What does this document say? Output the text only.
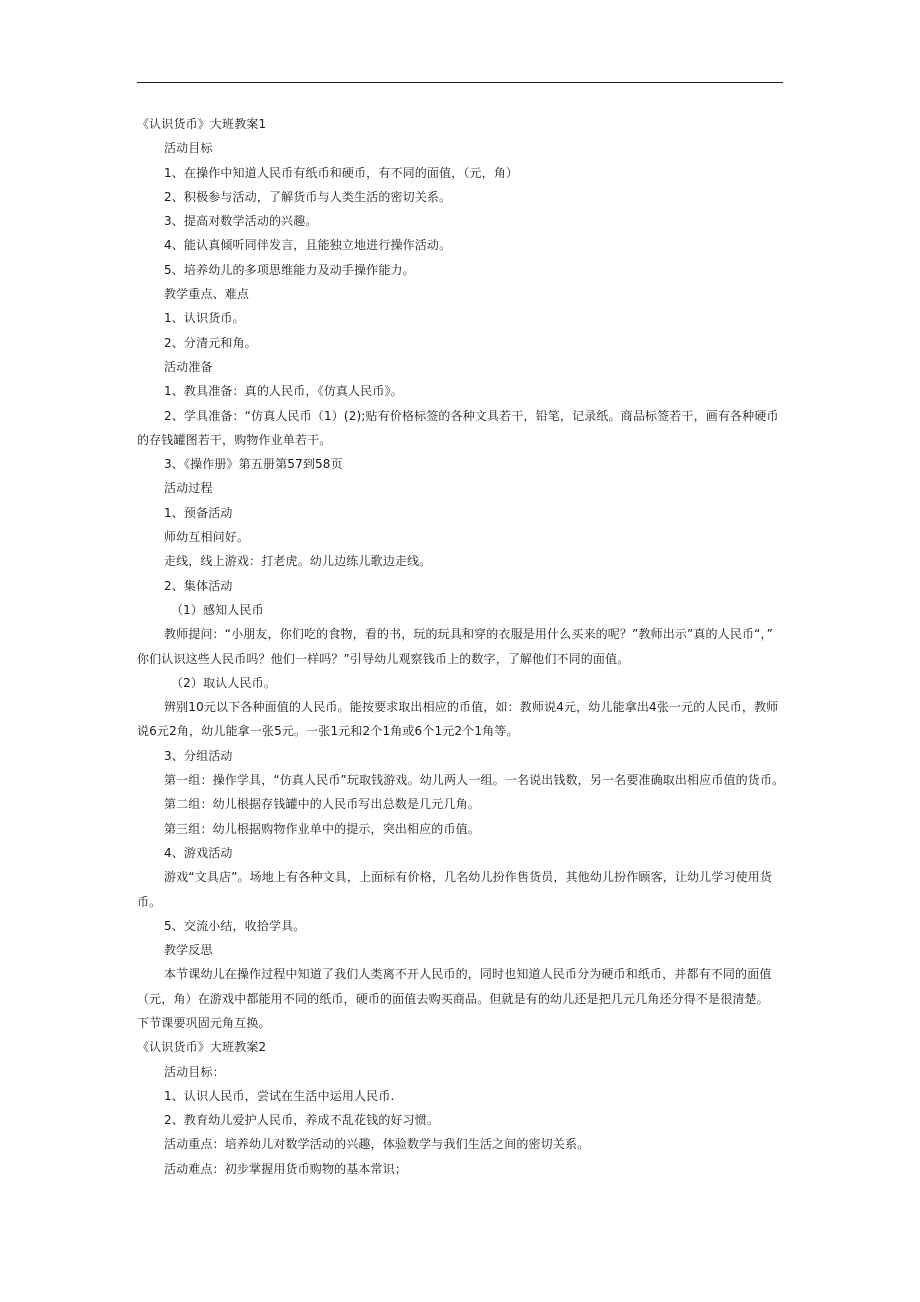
《认识货币》大班教案1
活动目标
1、在操作中知道人民币有纸币和硬币，有不同的面值，（元，角）
2、积极参与活动，了解货币与人类生活的密切关系。
3、提高对数学活动的兴趣。
4、能认真倾听同伴发言，且能独立地进行操作活动。
5、培养幼儿的多项思维能力及动手操作能力。
教学重点、难点
1、认识货币。
2、分清元和角。
活动准备
1、教具准备：真的人民币，《仿真人民币》。
2、学具准备：“仿真人民币（1）(2);贴有价格标签的各种文具若干，铅笔，记录纸。商品标签若干，画有各种硬币
的存钱罐图若干，购物作业单若干。
3、《操作册》第五册第57到58页
活动过程
1、预备活动
师幼互相问好。
走线，线上游戏：打老虎。幼儿边练儿歌边走线。
2、集体活动
（1）感知人民币
教师提问：“小朋友，你们吃的食物，看的书，玩的玩具和穿的衣服是用什么买来的呢？”教师出示”真的人民币“，”
你们认识这些人民币吗？他们一样吗？”引导幼儿观察钱币上的数字，了解他们不同的面值。
（2）取认人民币。
辨别10元以下各种面值的人民币。能按要求取出相应的币值，如：教师说4元，幼儿能拿出4张一元的人民币，教师
说6元2角，幼儿能拿一张5元。一张1元和2个1角或6个1元2个1角等。
3、分组活动
第一组：操作学具，“仿真人民币”玩取钱游戏。幼儿两人一组。一名说出钱数，另一名要准确取出相应币值的货币。
第二组：幼儿根据存钱罐中的人民币写出总数是几元几角。
第三组：幼儿根据购物作业单中的提示，突出相应的币值。
4、游戏活动
游戏“文具店”。场地上有各种文具，上面标有价格，几名幼儿扮作售货员，其他幼儿扮作顾客，让幼儿学习使用货
币。
5、交流小结，收拾学具。
教学反思
本节课幼儿在操作过程中知道了我们人类离不开人民币的，同时也知道人民币分为硬币和纸币，并都有不同的面值
（元，角）在游戏中都能用不同的纸币，硬币的面值去购买商品。但就是有的幼儿还是把几元几角还分得不是很清楚。
下节课要巩固元角互换。
《认识货币》大班教案2
活动目标：
1、认识人民币，尝试在生活中运用人民币.
2、教育幼儿爱护人民币，养成不乱花钱的好习惯。
活动重点：培养幼儿对数学活动的兴趣，体验数学与我们生活之间的密切关系。
活动难点：初步掌握用货币购物的基本常识；
